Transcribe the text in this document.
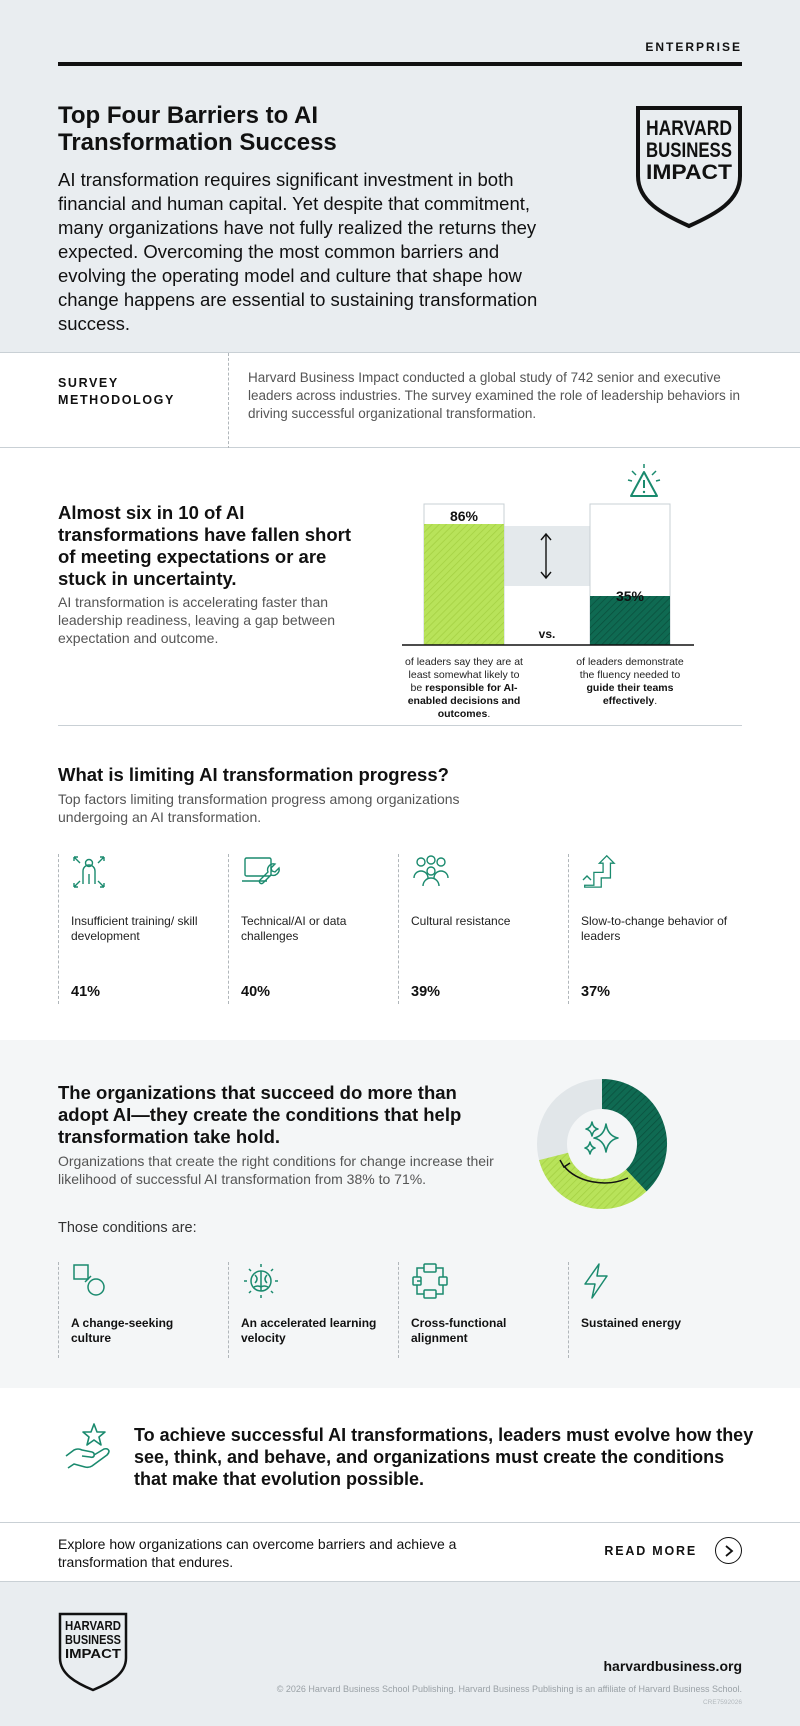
ENTERPRISE
Top Four Barriers to AI Transformation Success

AI transformation requires significant investment in both financial and human capital. Yet despite that commitment, many organizations have not fully realized the returns they expected. Overcoming the most common barriers and evolving the operating model and culture that shape how change happens are essential to sustaining transformation success.

HARVARD
BUSINESS
IMPACT
SURVEY
METHODOLOGY

Harvard Business Impact conducted a global study of 742 senior and executive leaders across industries. The survey examined the role of leadership behaviors in driving successful organizational transformation.

Almost six in 10 of AI transformations have fallen short of meeting expectations or are stuck in uncertainty.

AI transformation is accelerating faster than leadership readiness, leaving a gap between expectation and outcome.

86%
35%
vs.
of leaders say they are at least somewhat likely to be responsible for AI-enabled decisions and outcomes.
of leaders demonstrate the fluency needed to guide their teams effectively.
What is limiting AI transformation progress?

Top factors limiting transformation progress among organizations undergoing an AI transformation.

Insufficient training/ skill development
41%
Technical/AI or data challenges
40%
Cultural resistance
39%
Slow-to-change behavior of leaders
37%
The organizations that succeed do more than adopt AI—they create the conditions that help transformation take hold.

Organizations that create the right conditions for change increase their likelihood of successful AI transformation from 38% to 71%.

Those conditions are:
A change-seeking culture
An accelerated learning velocity
Cross-functional alignment
Sustained energy

To achieve successful AI transformations, leaders must evolve how they see, think, and behave, and organizations must create the conditions that make that evolution possible.

Explore how organizations can overcome barriers and achieve a transformation that endures.

READ MORE
HARVARD
BUSINESS
IMPACT
harvardbusiness.org
© 2026 Harvard Business School Publishing. Harvard Business Publishing is an affiliate of Harvard Business School.
CRE7592026
